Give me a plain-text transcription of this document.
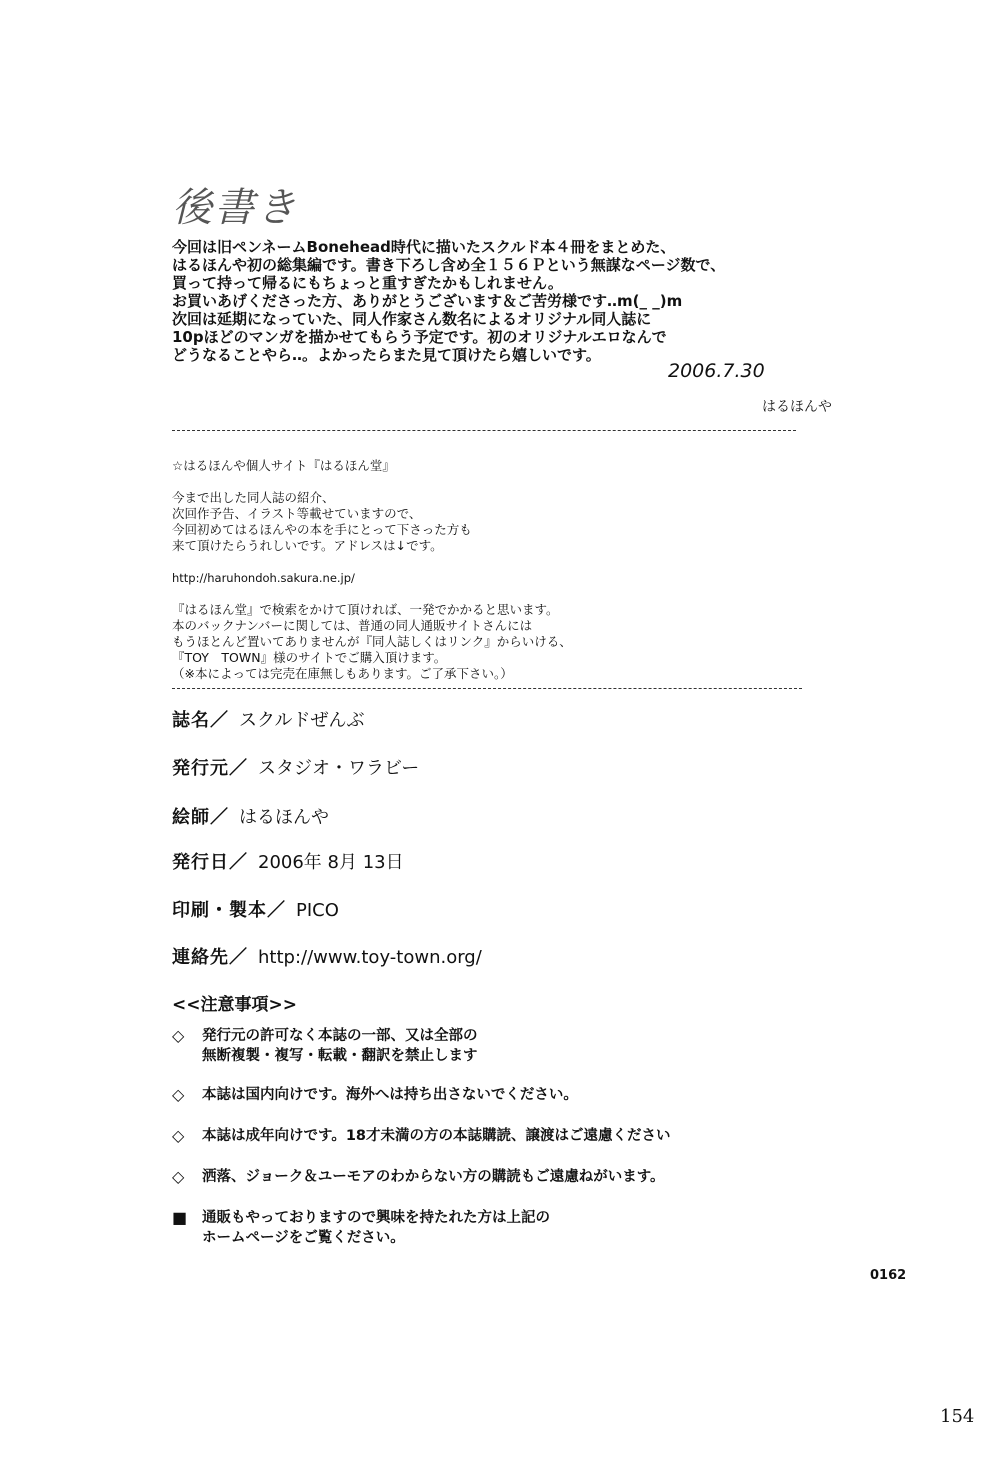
後書き
今回は旧ペンネームBonehead時代に描いたスクルド本４冊をまとめた、
はるほんや初の総集編です。書き下ろし含め全１５６Ｐという無謀なページ数で、
買って持って帰るにもちょっと重すぎたかもしれません。
お買いあげくださった方、ありがとうございます＆ご苦労様です‥m(_ _)m
次回は延期になっていた、同人作家さん数名によるオリジナル同人誌に
10pほどのマンガを描かせてもらう予定です。初のオリジナルエロなんで
どうなることやら‥。よかったらまた見て頂けたら嬉しいです。
2006.7.30
はるほんや
☆はるほんや個人サイト『はるほん堂』
今まで出した同人誌の紹介、
次回作予告、イラスト等載せていますので、
今回初めてはるほんやの本を手にとって下さった方も
来て頂けたらうれしいです。アドレスは↓です。
http://haruhondoh.sakura.ne.jp/
『はるほん堂』で検索をかけて頂ければ、一発でかかると思います。
本のバックナンバーに関しては、普通の同人通販サイトさんには
もうほとんど置いてありませんが『同人誌しくはリンク』からいける、
『TOY　TOWN』様のサイトでご購入頂けます。
（※本によっては完売在庫無しもあります。ご了承下さい。）
誌名／ スクルドぜんぶ
発行元／ スタジオ・ワラビー
絵師／ はるほんや
発行日／ 2006年 8月 13日
印刷・製本／ PICO
連絡先／ http://www.toy-town.org/
<<注意事項>>
◇	発行元の許可なく本誌の一部、又は全部の
無断複製・複写・転載・翻訳を禁止します
◇	本誌は国内向けです。海外へは持ち出さないでください。
◇	本誌は成年向けです。18才未満の方の本誌購読、譲渡はご遠慮ください
◇	洒落、ジョーク＆ユーモアのわからない方の購読もご遠慮ねがいます。
■	通販もやっておりますので興味を持たれた方は上記の
ホームページをご覧ください。
0162
154
